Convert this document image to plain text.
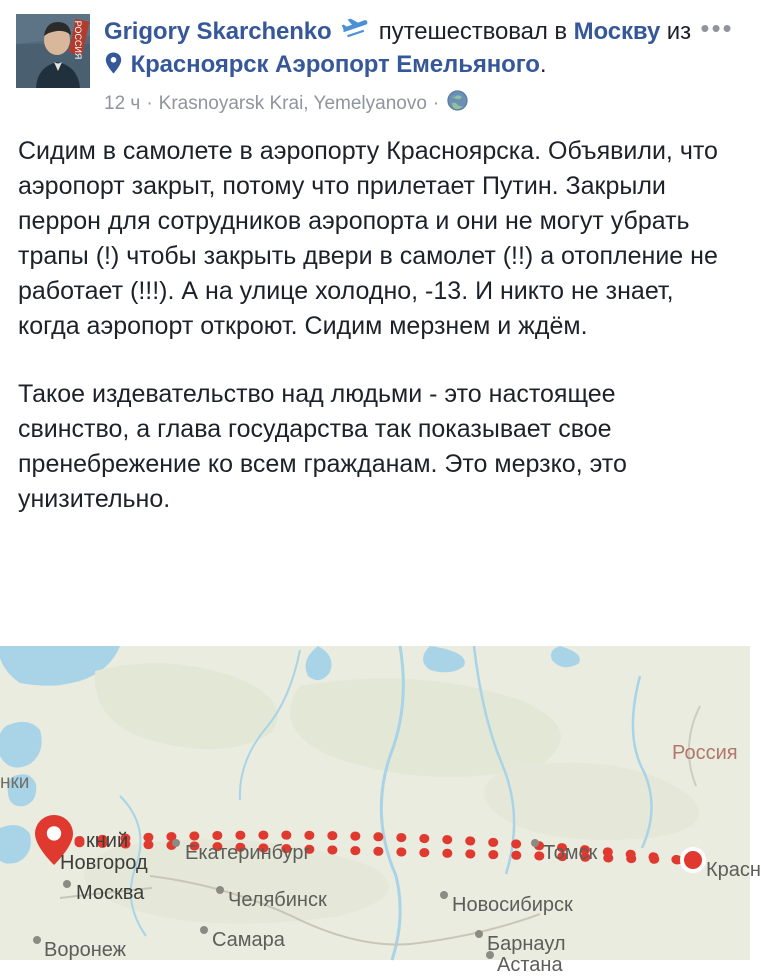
РОССИЯ Grigory Skarchenko путешествовал в Москву из  Красноярск Аэропорт Емельяного.
12 ч · Krasnoyarsk Krai, Yemelyanovo ·
•••

Сидим в самолете в аэропорту Красноярска. Объявили, что аэропорт закрыт, потому что прилетает Путин. Закрыли перрон для сотрудников аэропорта и они не могут убрать трапы (!) чтобы закрыть двери в самолет (!!) а отопление не работает (!!!). А на улице холодно, -13. И никто не знает, когда аэропорт откроют. Сидим мерзнем и ждём.

Такое издевательство над людьми - это настоящее свинство, а глава государства так показывает свое пренебрежение ко всем гражданам. Это мерзко, это унизительно.

Россия
нки
кний
Новгород
Москва
Екатеринбург
Челябинск
Самара
Воронеж
Томск
Новосибирск
Барнаул
Астана
Красн
